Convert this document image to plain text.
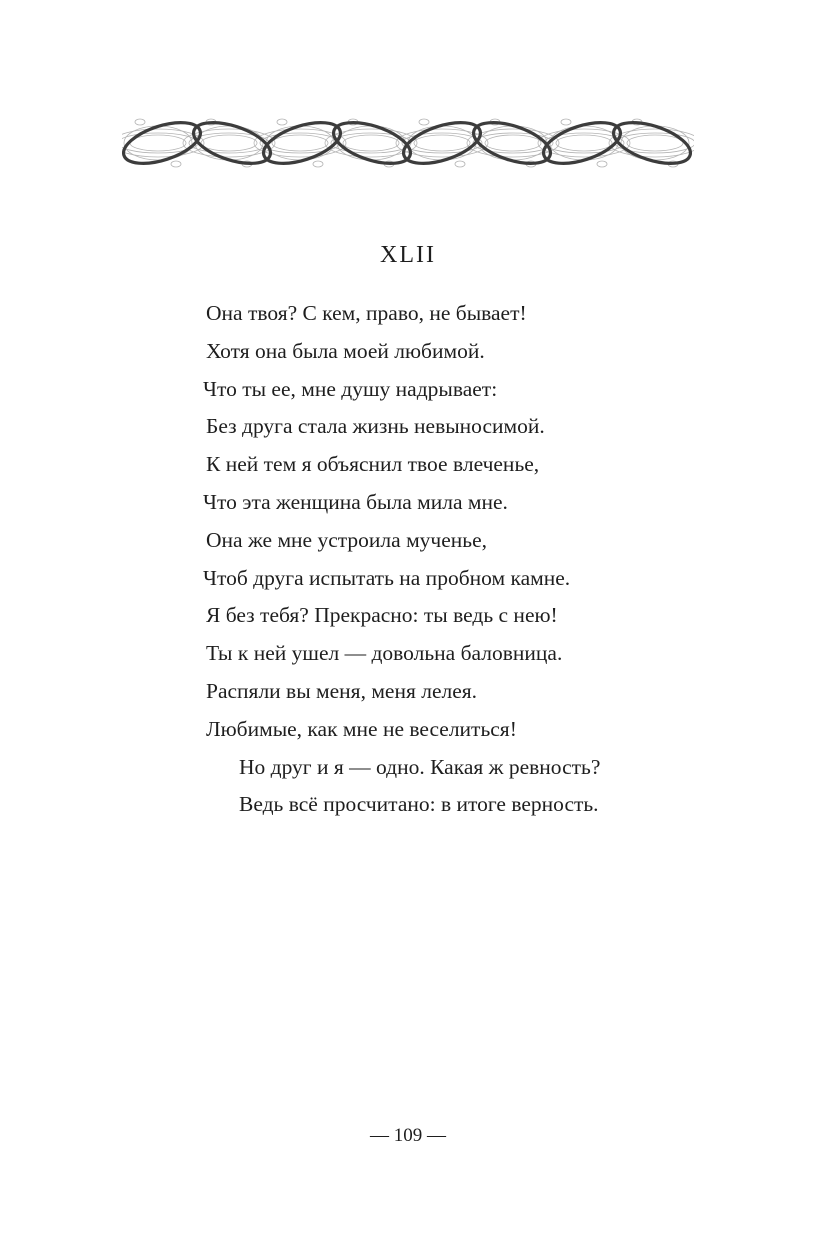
XLII
Она твоя? С кем, право, не бывает!
Хотя она была моей любимой.
Что ты ее, мне душу надрывает:
Без друга стала жизнь невыносимой.
К ней тем я объяснил твое влеченье,
Что эта женщина была мила мне.
Она же мне устроила мученье,
Чтоб друга испытать на пробном камне.
Я без тебя? Прекрасно: ты ведь с нею!
Ты к ней ушел — довольна баловница.
Распяли вы меня, меня лелея.
Любимые, как мне не веселиться!
Но друг и я — одно. Какая ж ревность?
Ведь всё просчитано: в итоге верность.
— 109 —
